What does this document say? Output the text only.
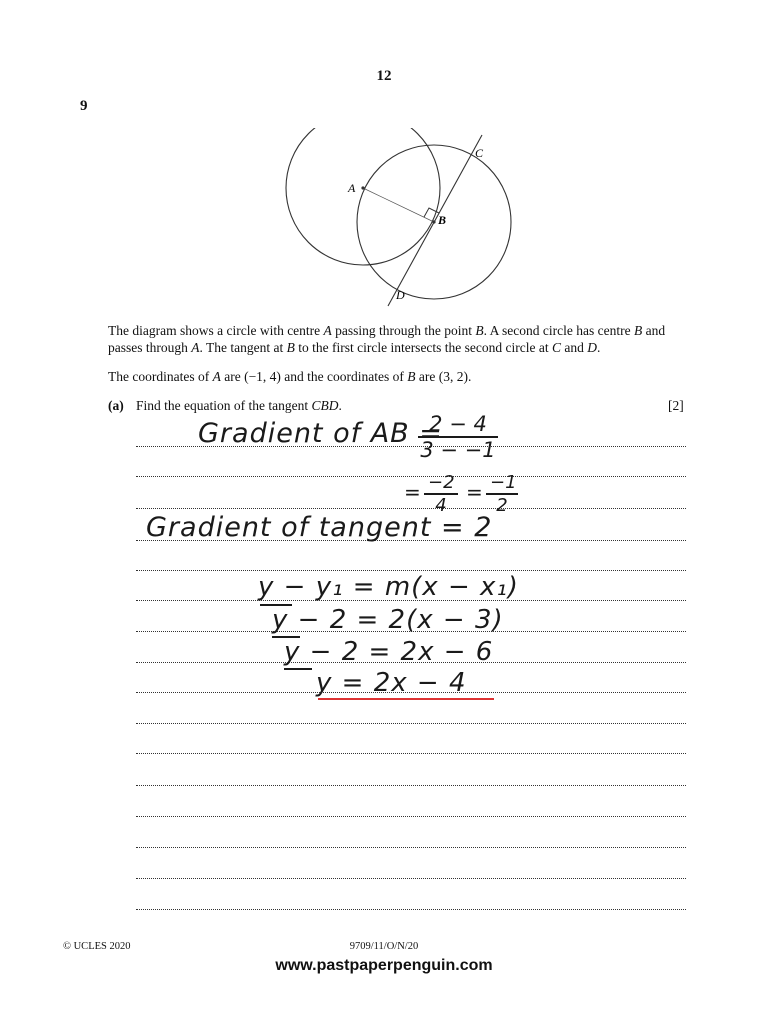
12
9
A
B
C
D
The diagram shows a circle with centre A passing through the point B. A second circle has centre B and passes through A. The tangent at B to the first circle intersects the second circle at C and D.
The coordinates of A are (−1, 4) and the coordinates of B are (3, 2).
(a) Find the equation of the tangent CBD.	[2]
Gradient of AB =
$\frac{2 - 4}{3 - -1}$
= $\frac{-2}{4} = \frac{-1}{2}$
Gradient of tangent = 2
y − y₁ = m(x − x₁)
y − 2 = 2(x − 3)
y − 2 = 2x − 6
y = 2x − 4
© UCLES 2020	9709/11/O/N/20
www.pastpaperpenguin.com
